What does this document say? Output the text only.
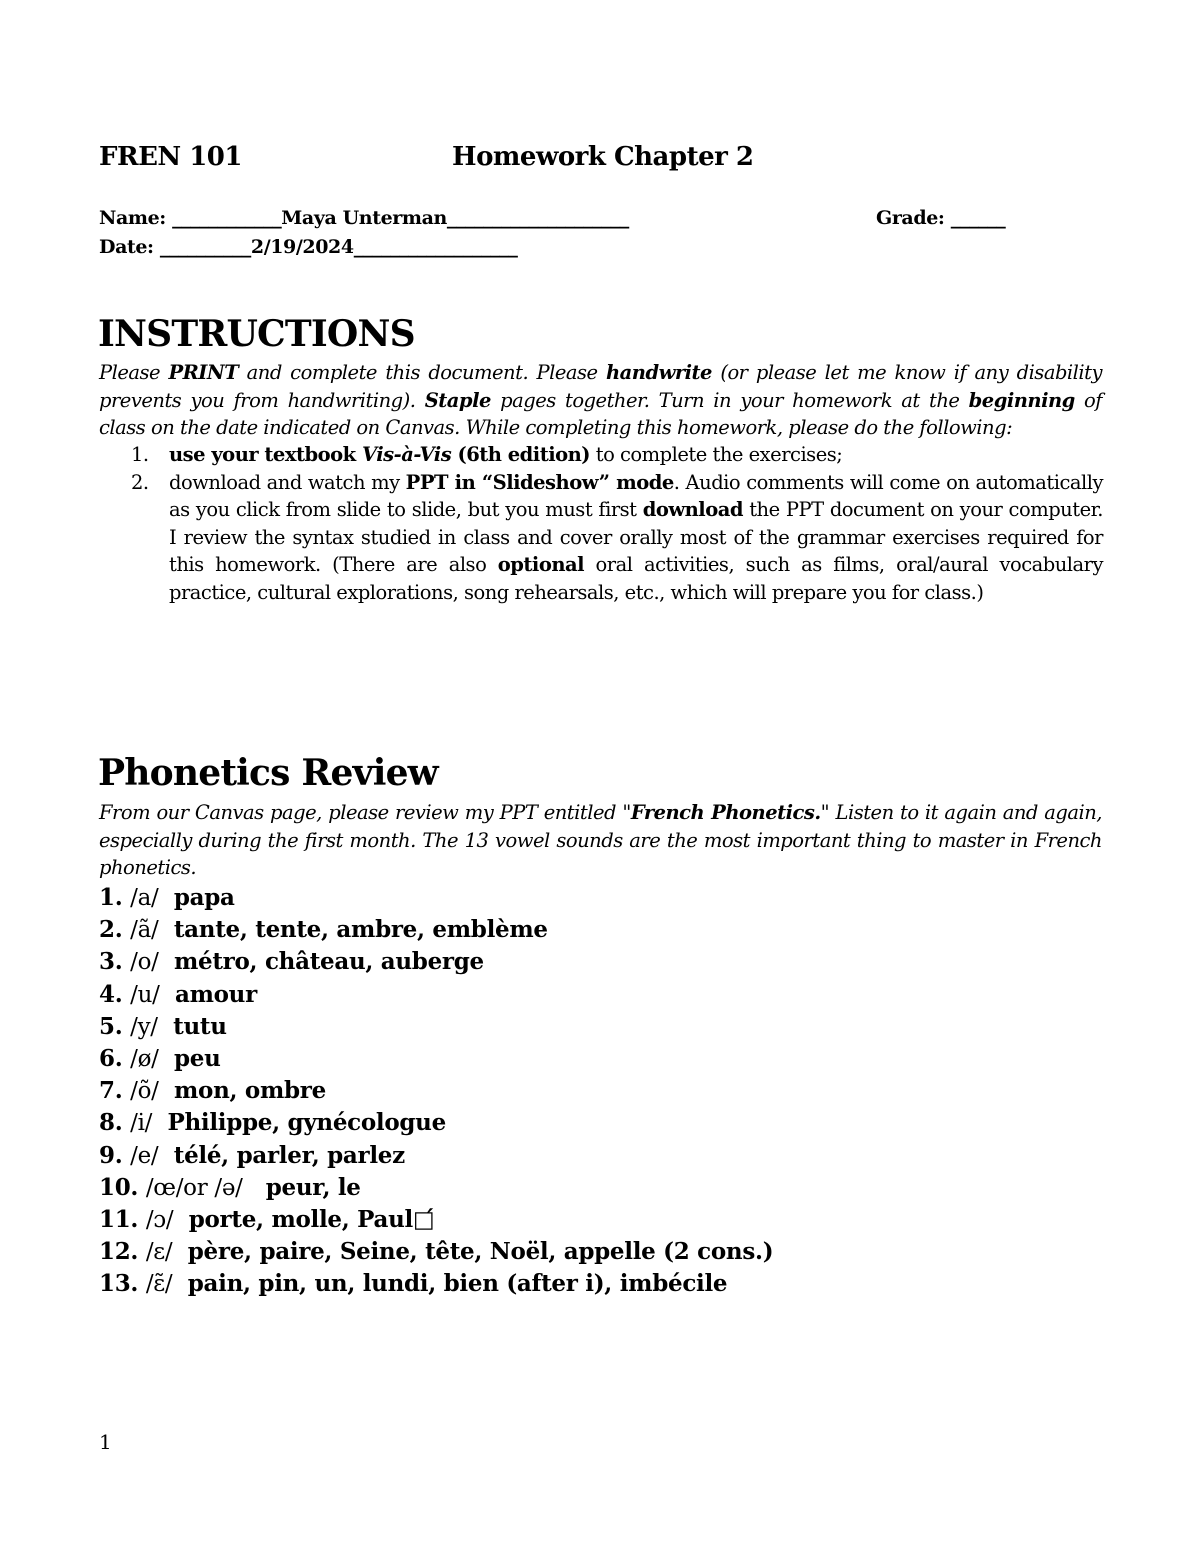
FREN 101	Homework Chapter 2
Name: ____________Maya Unterman____________________	Grade: ______
Date: __________2/19/2024__________________
INSTRUCTIONS
Please PRINT and complete this document. Please handwrite (or please let me know if any disability prevents you from handwriting). Staple pages together. Turn in your homework at the beginning of class on the date indicated on Canvas. While completing this homework, please do the following:
1. use your textbook Vis-à-Vis (6th edition) to complete the exercises;
2. download and watch my PPT in “Slideshow” mode. Audio comments will come on automatically as you click from slide to slide, but you must first download the PPT document on your computer. I review the syntax studied in class and cover orally most of the grammar exercises required for this homework. (There are also optional oral activities, such as films, oral/aural vocabulary practice, cultural explorations, song rehearsals, etc., which will prepare you for class.)
Phonetics Review
From our Canvas page, please review my PPT entitled "French Phonetics." Listen to it again and again, especially during the first month. The 13 vowel sounds are the most important thing to master in French phonetics.
1. /a/  papa
2. /ã/  tante, tente, ambre, emblème
3. /o/  métro, château, auberge
4. /u/  amour
5. /y/  tutu
6. /ø/  peu
7. /õ/  mon, ombre
8. /i/  Philippe, gynécologue
9. /e/  télé, parler, parlez
10. /œ/or /ə/   peur, le
11. /ɔ/  porte, molle, Paul□́
12. /ɛ/  père, paire, Seine, tête, Noël, appelle (2 cons.)
13. /ɛ̃/  pain, pin, un, lundi, bien (after i), imbécile
1
